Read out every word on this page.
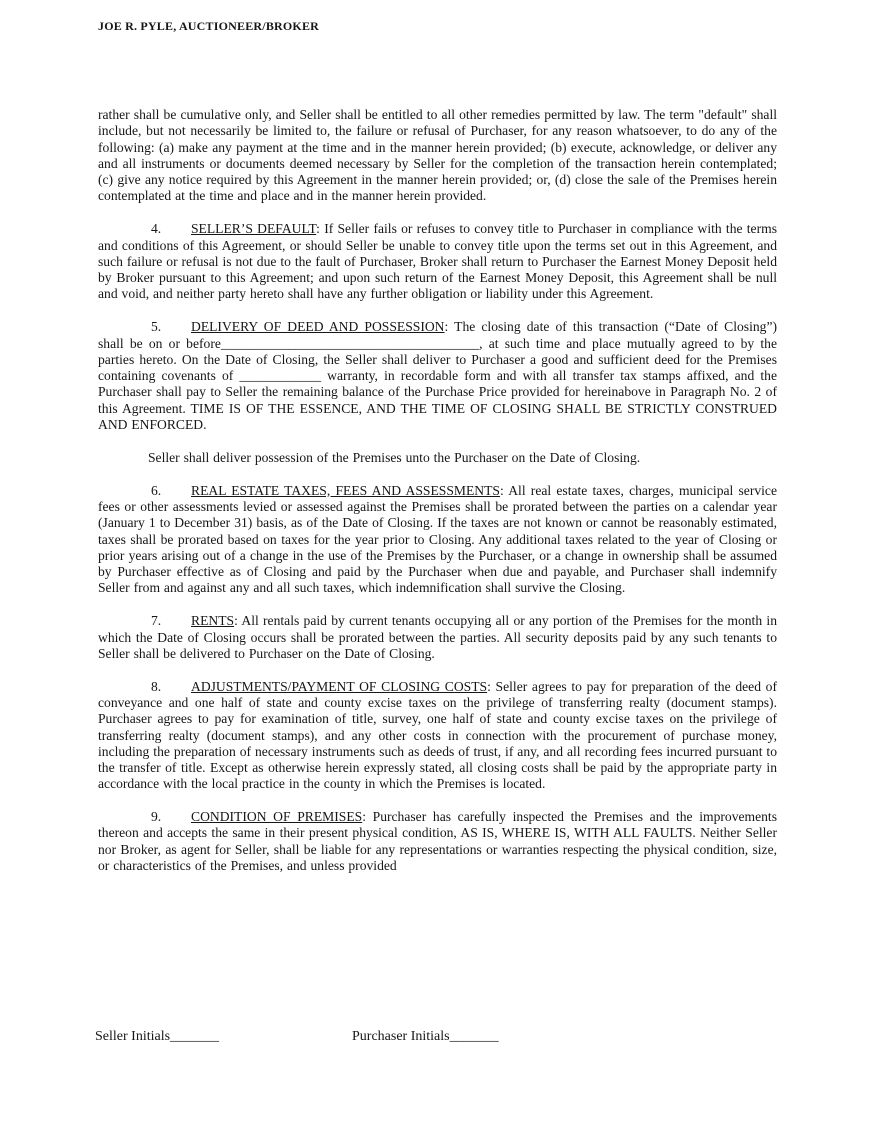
JOE R. PYLE, AUCTIONEER/BROKER

rather shall be cumulative only, and Seller shall be entitled to all other remedies permitted by law. The term "default" shall include, but not necessarily be limited to, the failure or refusal of Purchaser, for any reason whatsoever, to do any of the following: (a) make any payment at the time and in the manner herein provided; (b) execute, acknowledge, or deliver any and all instruments or documents deemed necessary by Seller for the completion of the transaction herein contemplated; (c) give any notice required by this Agreement in the manner herein provided; or, (d) close the sale of the Premises herein contemplated at the time and place and in the manner herein provided.

4. SELLER’S DEFAULT: If Seller fails or refuses to convey title to Purchaser in compliance with the terms and conditions of this Agreement, or should Seller be unable to convey title upon the terms set out in this Agreement, and such failure or refusal is not due to the fault of Purchaser, Broker shall return to Purchaser the Earnest Money Deposit held by Broker pursuant to this Agreement; and upon such return of the Earnest Money Deposit, this Agreement shall be null and void, and neither party hereto shall have any further obligation or liability under this Agreement.

5. DELIVERY OF DEED AND POSSESSION: The closing date of this transaction (“Date of Closing”) shall be on or before______________________________________, at such time and place mutually agreed to by the parties hereto. On the Date of Closing, the Seller shall deliver to Purchaser a good and sufficient deed for the Premises containing covenants of ____________ warranty, in recordable form and with all transfer tax stamps affixed, and the Purchaser shall pay to Seller the remaining balance of the Purchase Price provided for hereinabove in Paragraph No. 2 of this Agreement. TIME IS OF THE ESSENCE, AND THE TIME OF CLOSING SHALL BE STRICTLY CONSTRUED AND ENFORCED.

Seller shall deliver possession of the Premises unto the Purchaser on the Date of Closing.

6. REAL ESTATE TAXES, FEES AND ASSESSMENTS: All real estate taxes, charges, municipal service fees or other assessments levied or assessed against the Premises shall be prorated between the parties on a calendar year (January 1 to December 31) basis, as of the Date of Closing. If the taxes are not known or cannot be reasonably estimated, taxes shall be prorated based on taxes for the year prior to Closing. Any additional taxes related to the year of Closing or prior years arising out of a change in the use of the Premises by the Purchaser, or a change in ownership shall be assumed by Purchaser effective as of Closing and paid by the Purchaser when due and payable, and Purchaser shall indemnify Seller from and against any and all such taxes, which indemnification shall survive the Closing.

7. RENTS: All rentals paid by current tenants occupying all or any portion of the Premises for the month in which the Date of Closing occurs shall be prorated between the parties. All security deposits paid by any such tenants to Seller shall be delivered to Purchaser on the Date of Closing.

8. ADJUSTMENTS/PAYMENT OF CLOSING COSTS: Seller agrees to pay for preparation of the deed of conveyance and one half of state and county excise taxes on the privilege of transferring realty (document stamps). Purchaser agrees to pay for examination of title, survey, one half of state and county excise taxes on the privilege of transferring realty (document stamps), and any other costs in connection with the procurement of purchase money, including the preparation of necessary instruments such as deeds of trust, if any, and all recording fees incurred pursuant to the transfer of title. Except as otherwise herein expressly stated, all closing costs shall be paid by the appropriate party in accordance with the local practice in the county in which the Premises is located.

9. CONDITION OF PREMISES: Purchaser has carefully inspected the Premises and the improvements thereon and accepts the same in their present physical condition, AS IS, WHERE IS, WITH ALL FAULTS. Neither Seller nor Broker, as agent for Seller, shall be liable for any representations or warranties respecting the physical condition, size, or characteristics of the Premises, and unless provided

Seller Initials_______	Purchaser Initials_______
